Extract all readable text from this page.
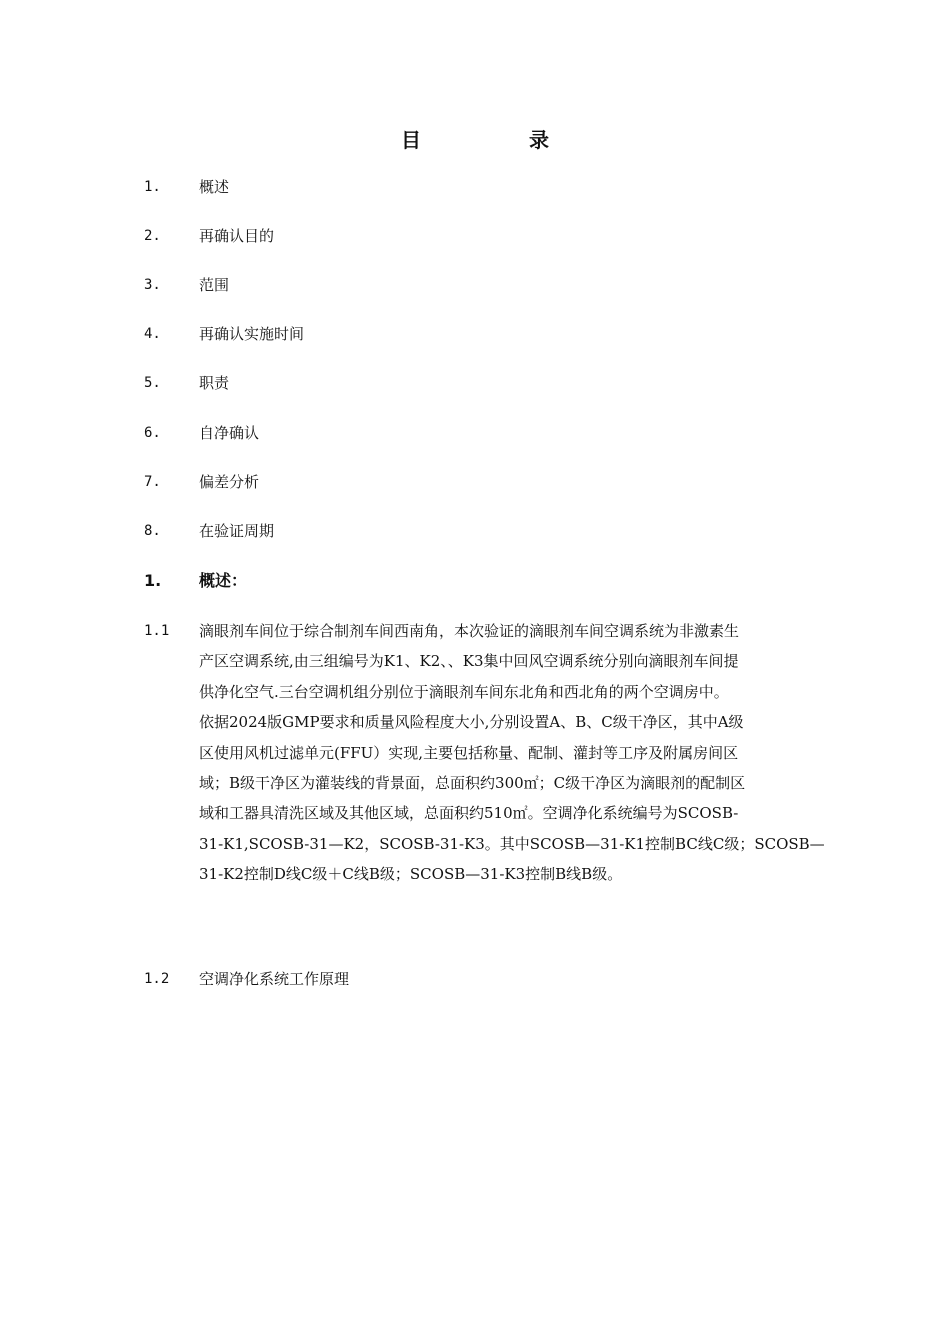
目	录
1.	概述
2.	再确认目的
3.	范围
4.	再确认实施时间
5.	职责
6.	自净确认
7.	偏差分析
8.	在验证周期
1.	概述：
1.1 滴眼剂车间位于综合制剂车间西南角，本次验证的滴眼剂车间空调系统为非激素生
产区空调系统,由三组编号为K1、K2、、K3集中回风空调系统分别向滴眼剂车间提
供净化空气.三台空调机组分别位于滴眼剂车间东北角和西北角的两个空调房中。
依据2024版GMP要求和质量风险程度大小,分别设置A、B、C级干净区，其中A级
区使用风机过滤单元(FFU）实现,主要包括称量、配制、灌封等工序及附属房间区
域；B级干净区为灌装线的背景面，总面积约300㎡；C级干净区为滴眼剂的配制区
域和工器具清洗区域及其他区域，总面积约510㎡。空调净化系统编号为SCOSB-
31-K1,SCOSB-31—K2，SCOSB-31-K3。其中SCOSB—31-K1控制BC线C级；SCOSB—
31-K2控制D线C级＋C线B级；SCOSB—31-K3控制B线B级。
1.2 空调净化系统工作原理
